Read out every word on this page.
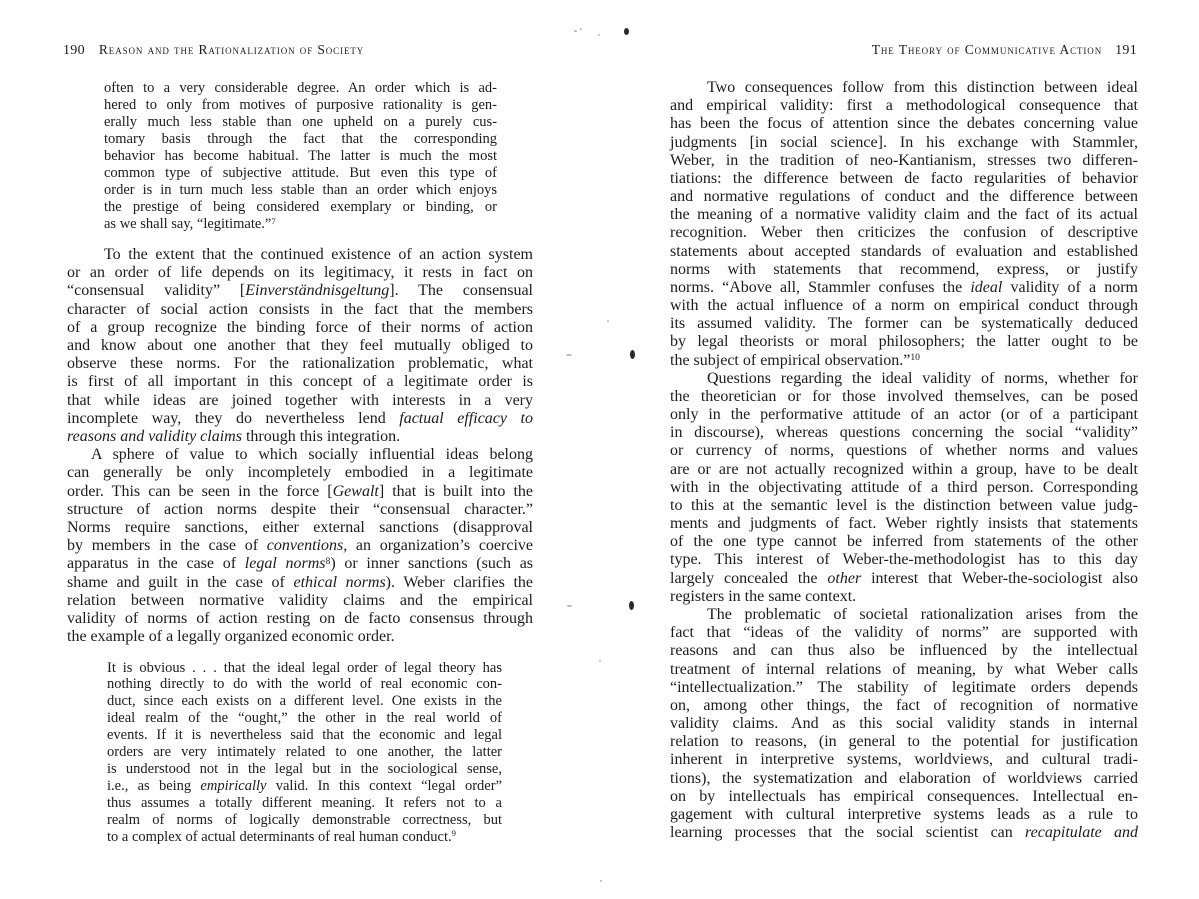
190 Reason and the Rationalization of Society
often to a very considerable degree. An order which is ad-
hered to only from motives of purposive rationality is gen-
erally much less stable than one upheld on a purely cus-
tomary basis through the fact that the corresponding
behavior has become habitual. The latter is much the most
common type of subjective attitude. But even this type of
order is in turn much less stable than an order which enjoys
the prestige of being considered exemplary or binding, or
as we shall say, “legitimate.”$^7$
To the extent that the continued existence of an action system
or an order of life depends on its legitimacy, it rests in fact on
“consensual validity” [Einverständnisgeltung]. The consensual
character of social action consists in the fact that the members
of a group recognize the binding force of their norms of action
and know about one another that they feel mutually obliged to
observe these norms. For the rationalization problematic, what
is first of all important in this concept of a legitimate order is
that while ideas are joined together with interests in a very
incomplete way, they do nevertheless lend factual efficacy to
reasons and validity claims through this integration.
A sphere of value to which socially influential ideas belong
can generally be only incompletely embodied in a legitimate
order. This can be seen in the force [Gewalt] that is built into the
structure of action norms despite their “consensual character.”
Norms require sanctions, either external sanctions (disapproval
by members in the case of conventions, an organization’s coercive
apparatus in the case of legal norms$^8$) or inner sanctions (such as
shame and guilt in the case of ethical norms). Weber clarifies the
relation between normative validity claims and the empirical
validity of norms of action resting on de facto consensus through
the example of a legally organized economic order.
It is obvious . . . that the ideal legal order of legal theory has
nothing directly to do with the world of real economic con-
duct, since each exists on a different level. One exists in the
ideal realm of the “ought,” the other in the real world of
events. If it is nevertheless said that the economic and legal
orders are very intimately related to one another, the latter
is understood not in the legal but in the sociological sense,
i.e., as being empirically valid. In this context “legal order”
thus assumes a totally different meaning. It refers not to a
realm of norms of logically demonstrable correctness, but
to a complex of actual determinants of real human conduct.$^9$
The Theory of Communicative Action 191
Two consequences follow from this distinction between ideal
and empirical validity: first a methodological consequence that
has been the focus of attention since the debates concerning value
judgments [in social science]. In his exchange with Stammler,
Weber, in the tradition of neo-Kantianism, stresses two differen-
tiations: the difference between de facto regularities of behavior
and normative regulations of conduct and the difference between
the meaning of a normative validity claim and the fact of its actual
recognition. Weber then criticizes the confusion of descriptive
statements about accepted standards of evaluation and established
norms with statements that recommend, express, or justify
norms. “Above all, Stammler confuses the ideal validity of a norm
with the actual influence of a norm on empirical conduct through
its assumed validity. The former can be systematically deduced
by legal theorists or moral philosophers; the latter ought to be
the subject of empirical observation.”$^{10}$
Questions regarding the ideal validity of norms, whether for
the theoretician or for those involved themselves, can be posed
only in the performative attitude of an actor (or of a participant
in discourse), whereas questions concerning the social “validity”
or currency of norms, questions of whether norms and values
are or are not actually recognized within a group, have to be dealt
with in the objectivating attitude of a third person. Corresponding
to this at the semantic level is the distinction between value judg-
ments and judgments of fact. Weber rightly insists that statements
of the one type cannot be inferred from statements of the other
type. This interest of Weber-the-methodologist has to this day
largely concealed the other interest that Weber-the-sociologist also
registers in the same context.
The problematic of societal rationalization arises from the
fact that “ideas of the validity of norms” are supported with
reasons and can thus also be influenced by the intellectual
treatment of internal relations of meaning, by what Weber calls
“intellectualization.” The stability of legitimate orders depends
on, among other things, the fact of recognition of normative
validity claims. And as this social validity stands in internal
relation to reasons, (in general to the potential for justification
inherent in interpretive systems, worldviews, and cultural tradi-
tions), the systematization and elaboration of worldviews carried
on by intellectuals has empirical consequences. Intellectual en-
gagement with cultural interpretive systems leads as a rule to
learning processes that the social scientist can recapitulate and
